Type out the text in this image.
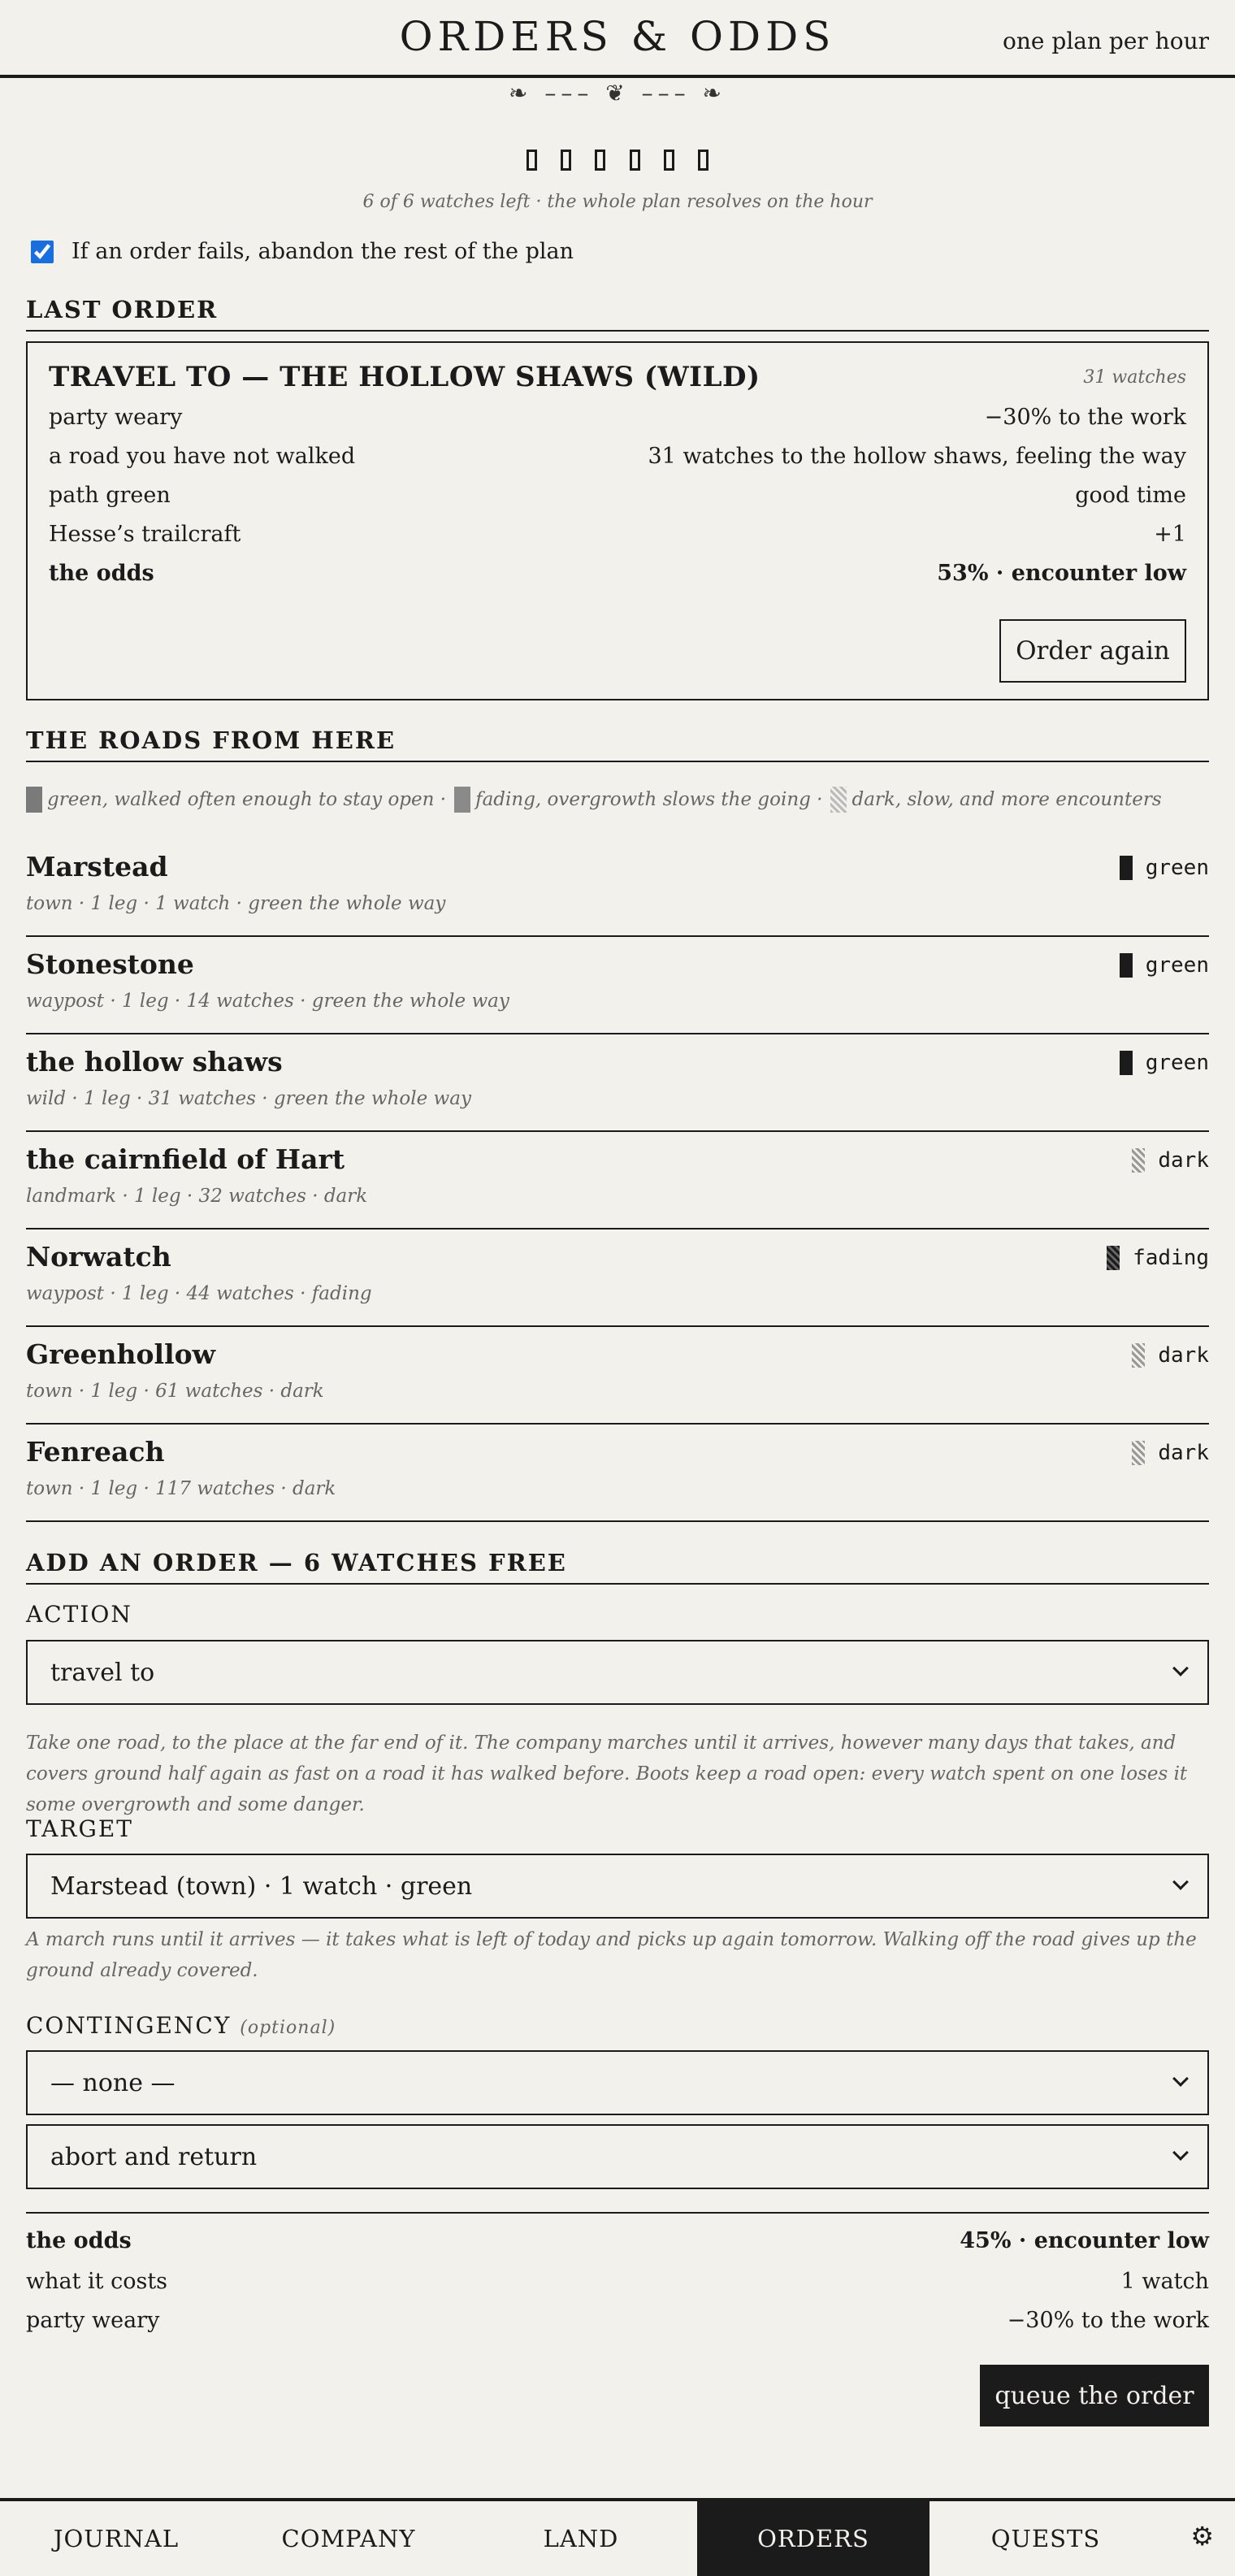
ORDERS & ODDS	one plan per hour
❧ ––– ❦ ––– ❧

6 of 6 watches left · the whole plan resolves on the hour
If an order fails, abandon the rest of the plan
LAST ORDER
TRAVEL TO — THE HOLLOW SHAWS (WILD)	31 watches
party weary	−30% to the work
a road you have not walked	31 watches to the hollow shaws, feeling the way
path green	good time
Hesse’s trailcraft	+1
the odds	53% · encounter low
Order again
THE ROADS FROM HERE
green, walked often enough to stay open · fading, overgrowth slows the going · dark, slow, and more encounters
Marstead
town · 1 leg · 1 watch · green the whole way
green
Stonestone
waypost · 1 leg · 14 watches · green the whole way
green
the hollow shaws
wild · 1 leg · 31 watches · green the whole way
green
the cairnfield of Hart
landmark · 1 leg · 32 watches · dark
dark
Norwatch
waypost · 1 leg · 44 watches · fading
fading
Greenhollow
town · 1 leg · 61 watches · dark
dark
Fenreach
town · 1 leg · 117 watches · dark
dark
ADD AN ORDER — 6 WATCHES FREE
ACTION
travel to
Take one road, to the place at the far end of it. The company marches until it arrives, however many days that takes, and covers ground half again as fast on a road it has walked before. Boots keep a road open: every watch spent on one loses it some overgrowth and some danger.
TARGET
Marstead (town) · 1 watch · green
A march runs until it arrives — it takes what is left of today and picks up again tomorrow. Walking off the road gives up the ground already covered.
CONTINGENCY (optional)
— none —
abort and return
the odds	45% · encounter low
what it costs	1 watch
party weary	−30% to the work
queue the order
JOURNAL	COMPANY	LAND	ORDERS	QUESTS	⚙
